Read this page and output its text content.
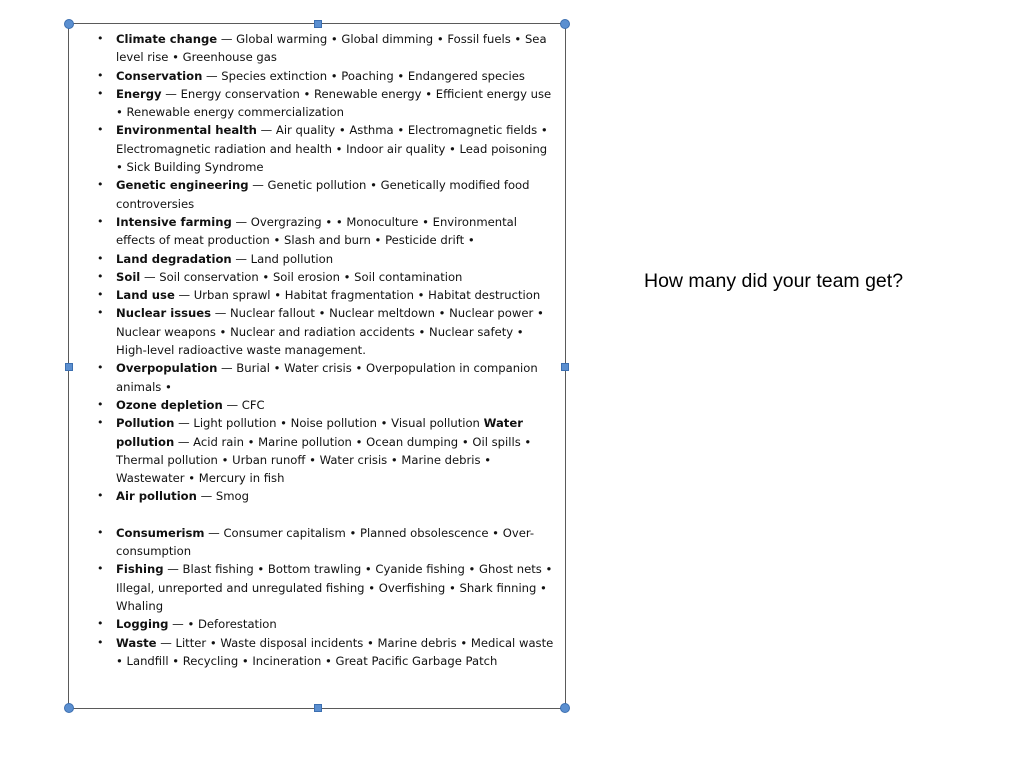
• Climate change — Global warming • Global dimming • Fossil fuels • Sea level rise • Greenhouse gas
• Conservation — Species extinction • Poaching • Endangered species
• Energy — Energy conservation • Renewable energy • Efficient energy use • Renewable energy commercialization
• Environmental health — Air quality • Asthma • Electromagnetic fields • Electromagnetic radiation and health • Indoor air quality • Lead poisoning • Sick Building Syndrome
• Genetic engineering — Genetic pollution • Genetically modified food controversies
• Intensive farming — Overgrazing • • Monoculture • Environmental effects of meat production • Slash and burn • Pesticide drift •
• Land degradation — Land pollution
• Soil — Soil conservation • Soil erosion • Soil contamination
• Land use — Urban sprawl • Habitat fragmentation • Habitat destruction
• Nuclear issues — Nuclear fallout • Nuclear meltdown • Nuclear power • Nuclear weapons • Nuclear and radiation accidents • Nuclear safety • High-level radioactive waste management.
• Overpopulation — Burial • Water crisis • Overpopulation in companion animals •
• Ozone depletion — CFC
• Pollution — Light pollution • Noise pollution • Visual pollution Water pollution — Acid rain • Marine pollution • Ocean dumping • Oil spills • Thermal pollution • Urban runoff • Water crisis • Marine debris • Wastewater • Mercury in fish
• Air pollution — Smog
• Consumerism — Consumer capitalism • Planned obsolescence • Over-consumption
• Fishing — Blast fishing • Bottom trawling • Cyanide fishing • Ghost nets • Illegal, unreported and unregulated fishing • Overfishing • Shark finning • Whaling
• Logging — • Deforestation
• Waste — Litter • Waste disposal incidents • Marine debris • Medical waste • Landfill • Recycling • Incineration • Great Pacific Garbage Patch
How many did your team get?
